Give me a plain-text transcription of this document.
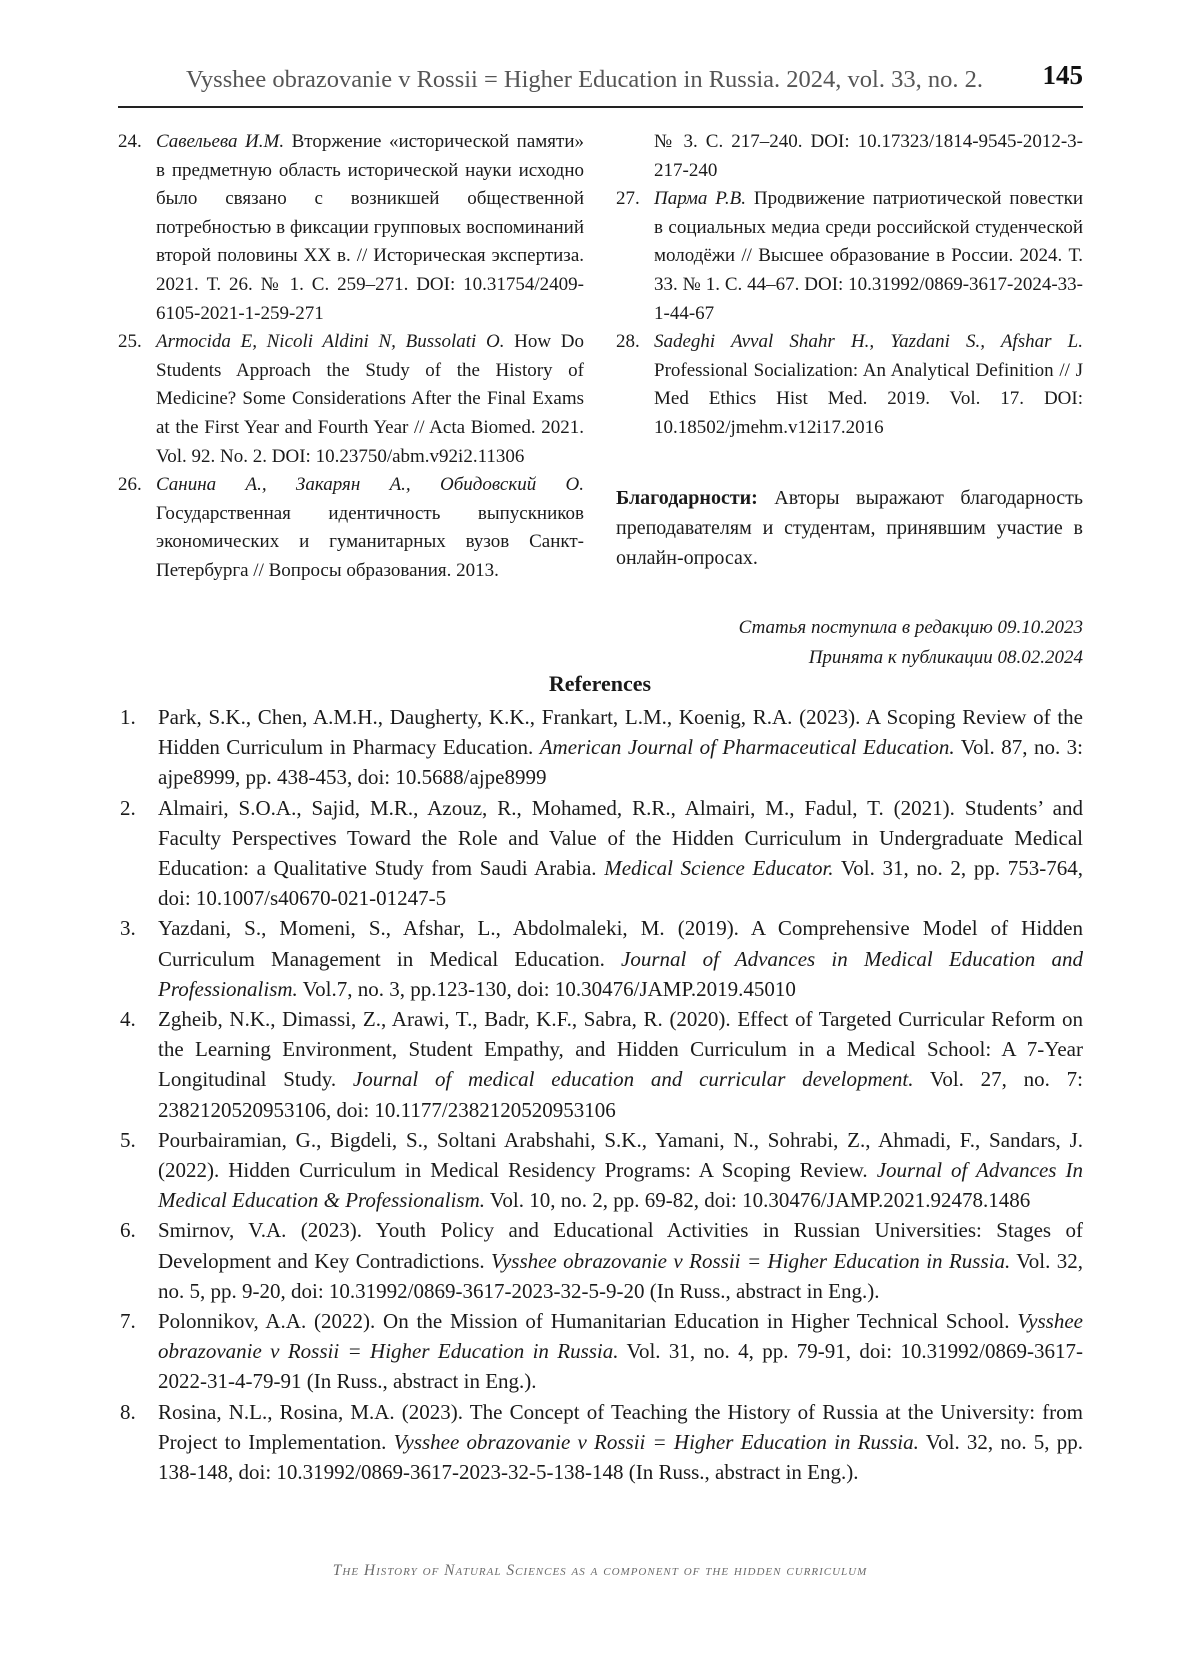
Vysshee obrazovanie v Rossii = Higher Education in Russia. 2024, vol. 33, no. 2. 145
24. Савельева И.М. Вторжение «исторической памяти» в предметную область исторической науки исходно было связано с возникшей общественной потребностью в фиксации групповых воспоминаний второй половины XX в. // Историческая экспертиза. 2021. Т. 26. № 1. С. 259–271. DOI: 10.31754/2409-6105-2021-1-259-271
25. Armocida E, Nicoli Aldini N, Bussolati O. How Do Students Approach the Study of the History of Medicine? Some Considerations After the Final Exams at the First Year and Fourth Year // Acta Biomed. 2021. Vol. 92. No. 2. DOI: 10.23750/abm.v92i2.11306
26. Санина А., Закарян А., Обидовский О. Государственная идентичность выпускников экономических и гуманитарных вузов Санкт-Петербурга // Вопросы образования. 2013.
№ 3. С. 217–240. DOI: 10.17323/1814-9545-2012-3-217-240
27. Парма Р.В. Продвижение патриотической повестки в социальных медиа среди российской студенческой молодёжи // Высшее образование в России. 2024. Т. 33. № 1. С. 44–67. DOI: 10.31992/0869-3617-2024-33-1-44-67
28. Sadeghi Avval Shahr H., Yazdani S., Afshar L. Professional Socialization: An Analytical Definition // J Med Ethics Hist Med. 2019. Vol. 17. DOI: 10.18502/jmehm.v12i17.2016
Благодарности: Авторы выражают благодарность преподавателям и студентам, принявшим участие в онлайн-опросах.
Статья поступила в редакцию 09.10.2023
Принята к публикации 08.02.2024
References
1. Park, S.K., Chen, A.M.H., Daugherty, K.K., Frankart, L.M., Koenig, R.A. (2023). A Scoping Review of the Hidden Curriculum in Pharmacy Education. American Journal of Pharmaceutical Education. Vol. 87, no. 3: ajpe8999, pp. 438-453, doi: 10.5688/ajpe8999
2. Almairi, S.O.A., Sajid, M.R., Azouz, R., Mohamed, R.R., Almairi, M., Fadul, T. (2021). Students’ and Faculty Perspectives Toward the Role and Value of the Hidden Curriculum in Undergraduate Medical Education: a Qualitative Study from Saudi Arabia. Medical Science Educator. Vol. 31, no. 2, pp. 753-764, doi: 10.1007/s40670-021-01247-5
3. Yazdani, S., Momeni, S., Afshar, L., Abdolmaleki, M. (2019). A Comprehensive Model of Hidden Curriculum Management in Medical Education. Journal of Advances in Medical Education and Professionalism. Vol.7, no. 3, pp.123-130, doi: 10.30476/JAMP.2019.45010
4. Zgheib, N.K., Dimassi, Z., Arawi, T., Badr, K.F., Sabra, R. (2020). Effect of Targeted Curricular Reform on the Learning Environment, Student Empathy, and Hidden Curriculum in a Medical School: A 7-Year Longitudinal Study. Journal of medical education and curricular development. Vol. 27, no. 7: 2382120520953106, doi: 10.1177/2382120520953106
5. Pourbairamian, G., Bigdeli, S., Soltani Arabshahi, S.K., Yamani, N., Sohrabi, Z., Ahmadi, F., Sandars, J. (2022). Hidden Curriculum in Medical Residency Programs: A Scoping Review. Journal of Advances In Medical Education & Professionalism. Vol. 10, no. 2, pp. 69-82, doi: 10.30476/JAMP.2021.92478.1486
6. Smirnov, V.A. (2023). Youth Policy and Educational Activities in Russian Universities: Stages of Development and Key Contradictions. Vysshee obrazovanie v Rossii = Higher Education in Russia. Vol. 32, no. 5, pp. 9-20, doi: 10.31992/0869-3617-2023-32-5-9-20 (In Russ., abstract in Eng.).
7. Polonnikov, A.A. (2022). On the Mission of Humanitarian Education in Higher Technical School. Vysshee obrazovanie v Rossii = Higher Education in Russia. Vol. 31, no. 4, pp. 79-91, doi: 10.31992/0869-3617-2022-31-4-79-91 (In Russ., abstract in Eng.).
8. Rosina, N.L., Rosina, M.A. (2023). The Concept of Teaching the History of Russia at the University: from Project to Implementation. Vysshee obrazovanie v Rossii = Higher Education in Russia. Vol. 32, no. 5, pp. 138-148, doi: 10.31992/0869-3617-2023-32-5-138-148 (In Russ., abstract in Eng.).
The History of Natural Sciences as a component of the hidden curriculum
